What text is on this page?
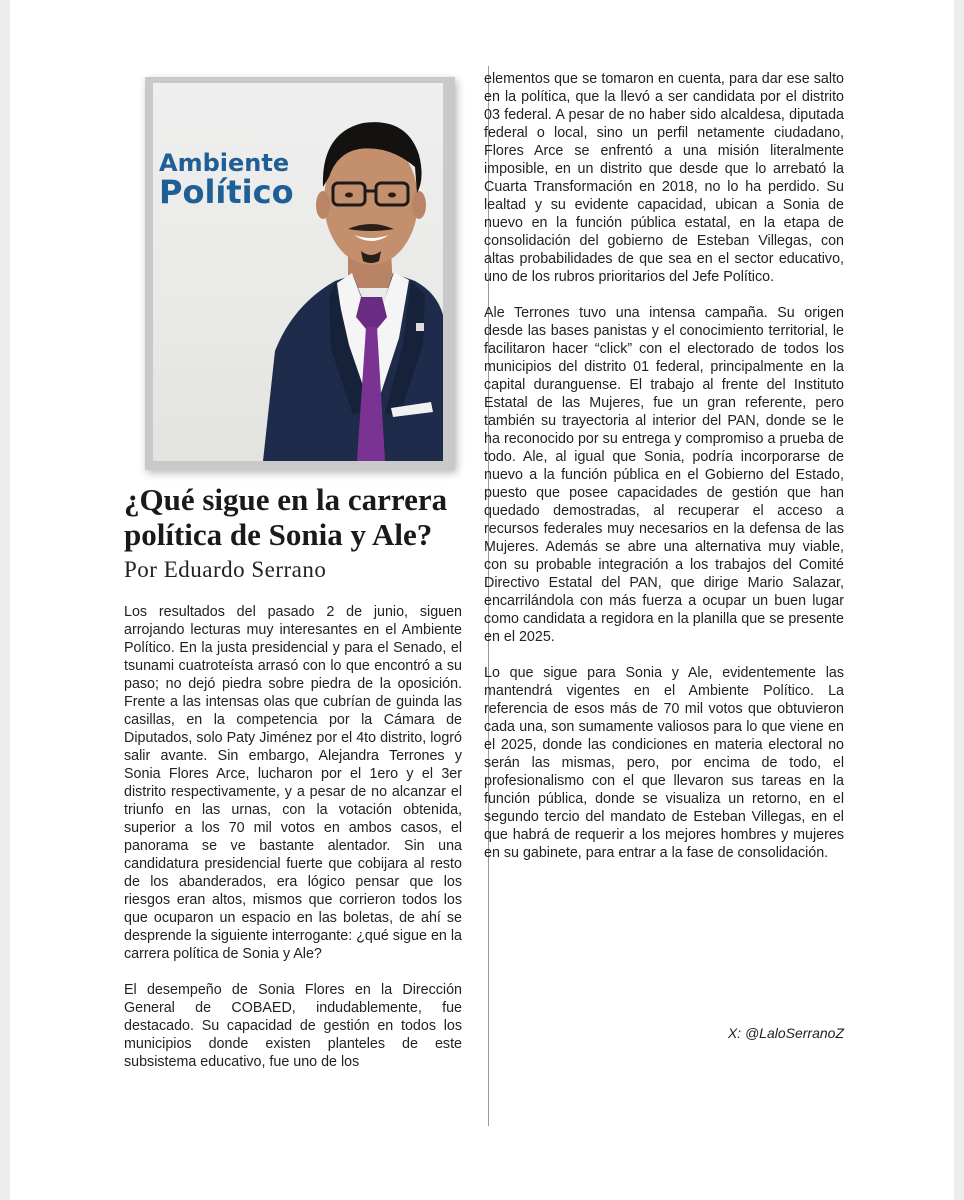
Ambiente
Político
¿Qué sigue en la carrera política de Sonia y Ale?

Por Eduardo Serrano

Los resultados del pasado 2 de junio, siguen arrojando lecturas muy interesantes en el Ambiente Político. En la justa presidencial y para el Senado, el tsunami cuatroteísta arrasó con lo que encontró a su paso; no dejó piedra sobre piedra de la oposición. Frente a las intensas olas que cubrían de guinda las casillas, en la competencia por la Cámara de Diputados, solo Paty Jiménez por el 4to distrito, logró salir avante. Sin embargo, Alejandra Terrones y Sonia Flores Arce, lucharon por el 1ero y el 3er distrito respectivamente, y a pesar de no alcanzar el triunfo en las urnas, con la votación obtenida, superior a los 70 mil votos en ambos casos, el panorama se ve bastante alentador. Sin una candidatura presidencial fuerte que cobijara al resto de los abanderados, era lógico pensar que los riesgos eran altos, mismos que corrieron todos los que ocuparon un espacio en las boletas, de ahí se desprende la siguiente interrogante: ¿qué sigue en la carrera política de Sonia y Ale?

El desempeño de Sonia Flores en la Dirección General de COBAED, indudablemente, fue destacado. Su capacidad de gestión en todos los municipios donde existen planteles de este subsistema educativo, fue uno de los

elementos que se tomaron en cuenta, para dar ese salto en la política, que la llevó a ser candidata por el distrito 03 federal. A pesar de no haber sido alcaldesa, diputada federal o local, sino un perfil netamente ciudadano, Flores Arce se enfrentó a una misión literalmente imposible, en un distrito que desde que lo arrebató la Cuarta Transformación en 2018, no lo ha perdido. Su lealtad y su evidente capacidad, ubican a Sonia de nuevo en la función pública estatal, en la etapa de consolidación del gobierno de Esteban Villegas, con altas probabilidades de que sea en el sector educativo, uno de los rubros prioritarios del Jefe Político.

Ale Terrones tuvo una intensa campaña. Su origen desde las bases panistas y el conocimiento territorial, le facilitaron hacer “click” con el electorado de todos los municipios del distrito 01 federal, principalmente en la capital duranguense. El trabajo al frente del Instituto Estatal de las Mujeres, fue un gran referente, pero también su trayectoria al interior del PAN, donde se le ha reconocido por su entrega y compromiso a prueba de todo. Ale, al igual que Sonia, podría incorporarse de nuevo a la función pública en el Gobierno del Estado, puesto que posee capacidades de gestión que han quedado demostradas, al recuperar el acceso a recursos federales muy necesarios en la defensa de las Mujeres. Además se abre una alternativa muy viable, con su probable integración a los trabajos del Comité Directivo Estatal del PAN, que dirige Mario Salazar, encarrilándola con más fuerza a ocupar un buen lugar como candidata a regidora en la planilla que se presente en el 2025.

Lo que sigue para Sonia y Ale, evidentemente las mantendrá vigentes en el Ambiente Político. La referencia de esos más de 70 mil votos que obtuvieron cada una, son sumamente valiosos para lo que viene en el 2025, donde las condiciones en materia electoral no serán las mismas, pero, por encima de todo, el profesionalismo con el que llevaron sus tareas en la función pública, donde se visualiza un retorno, en el segundo tercio del mandato de Esteban Villegas, en el que habrá de requerir a los mejores hombres y mujeres en su gabinete, para entrar a la fase de consolidación.

X: @LaloSerranoZ
